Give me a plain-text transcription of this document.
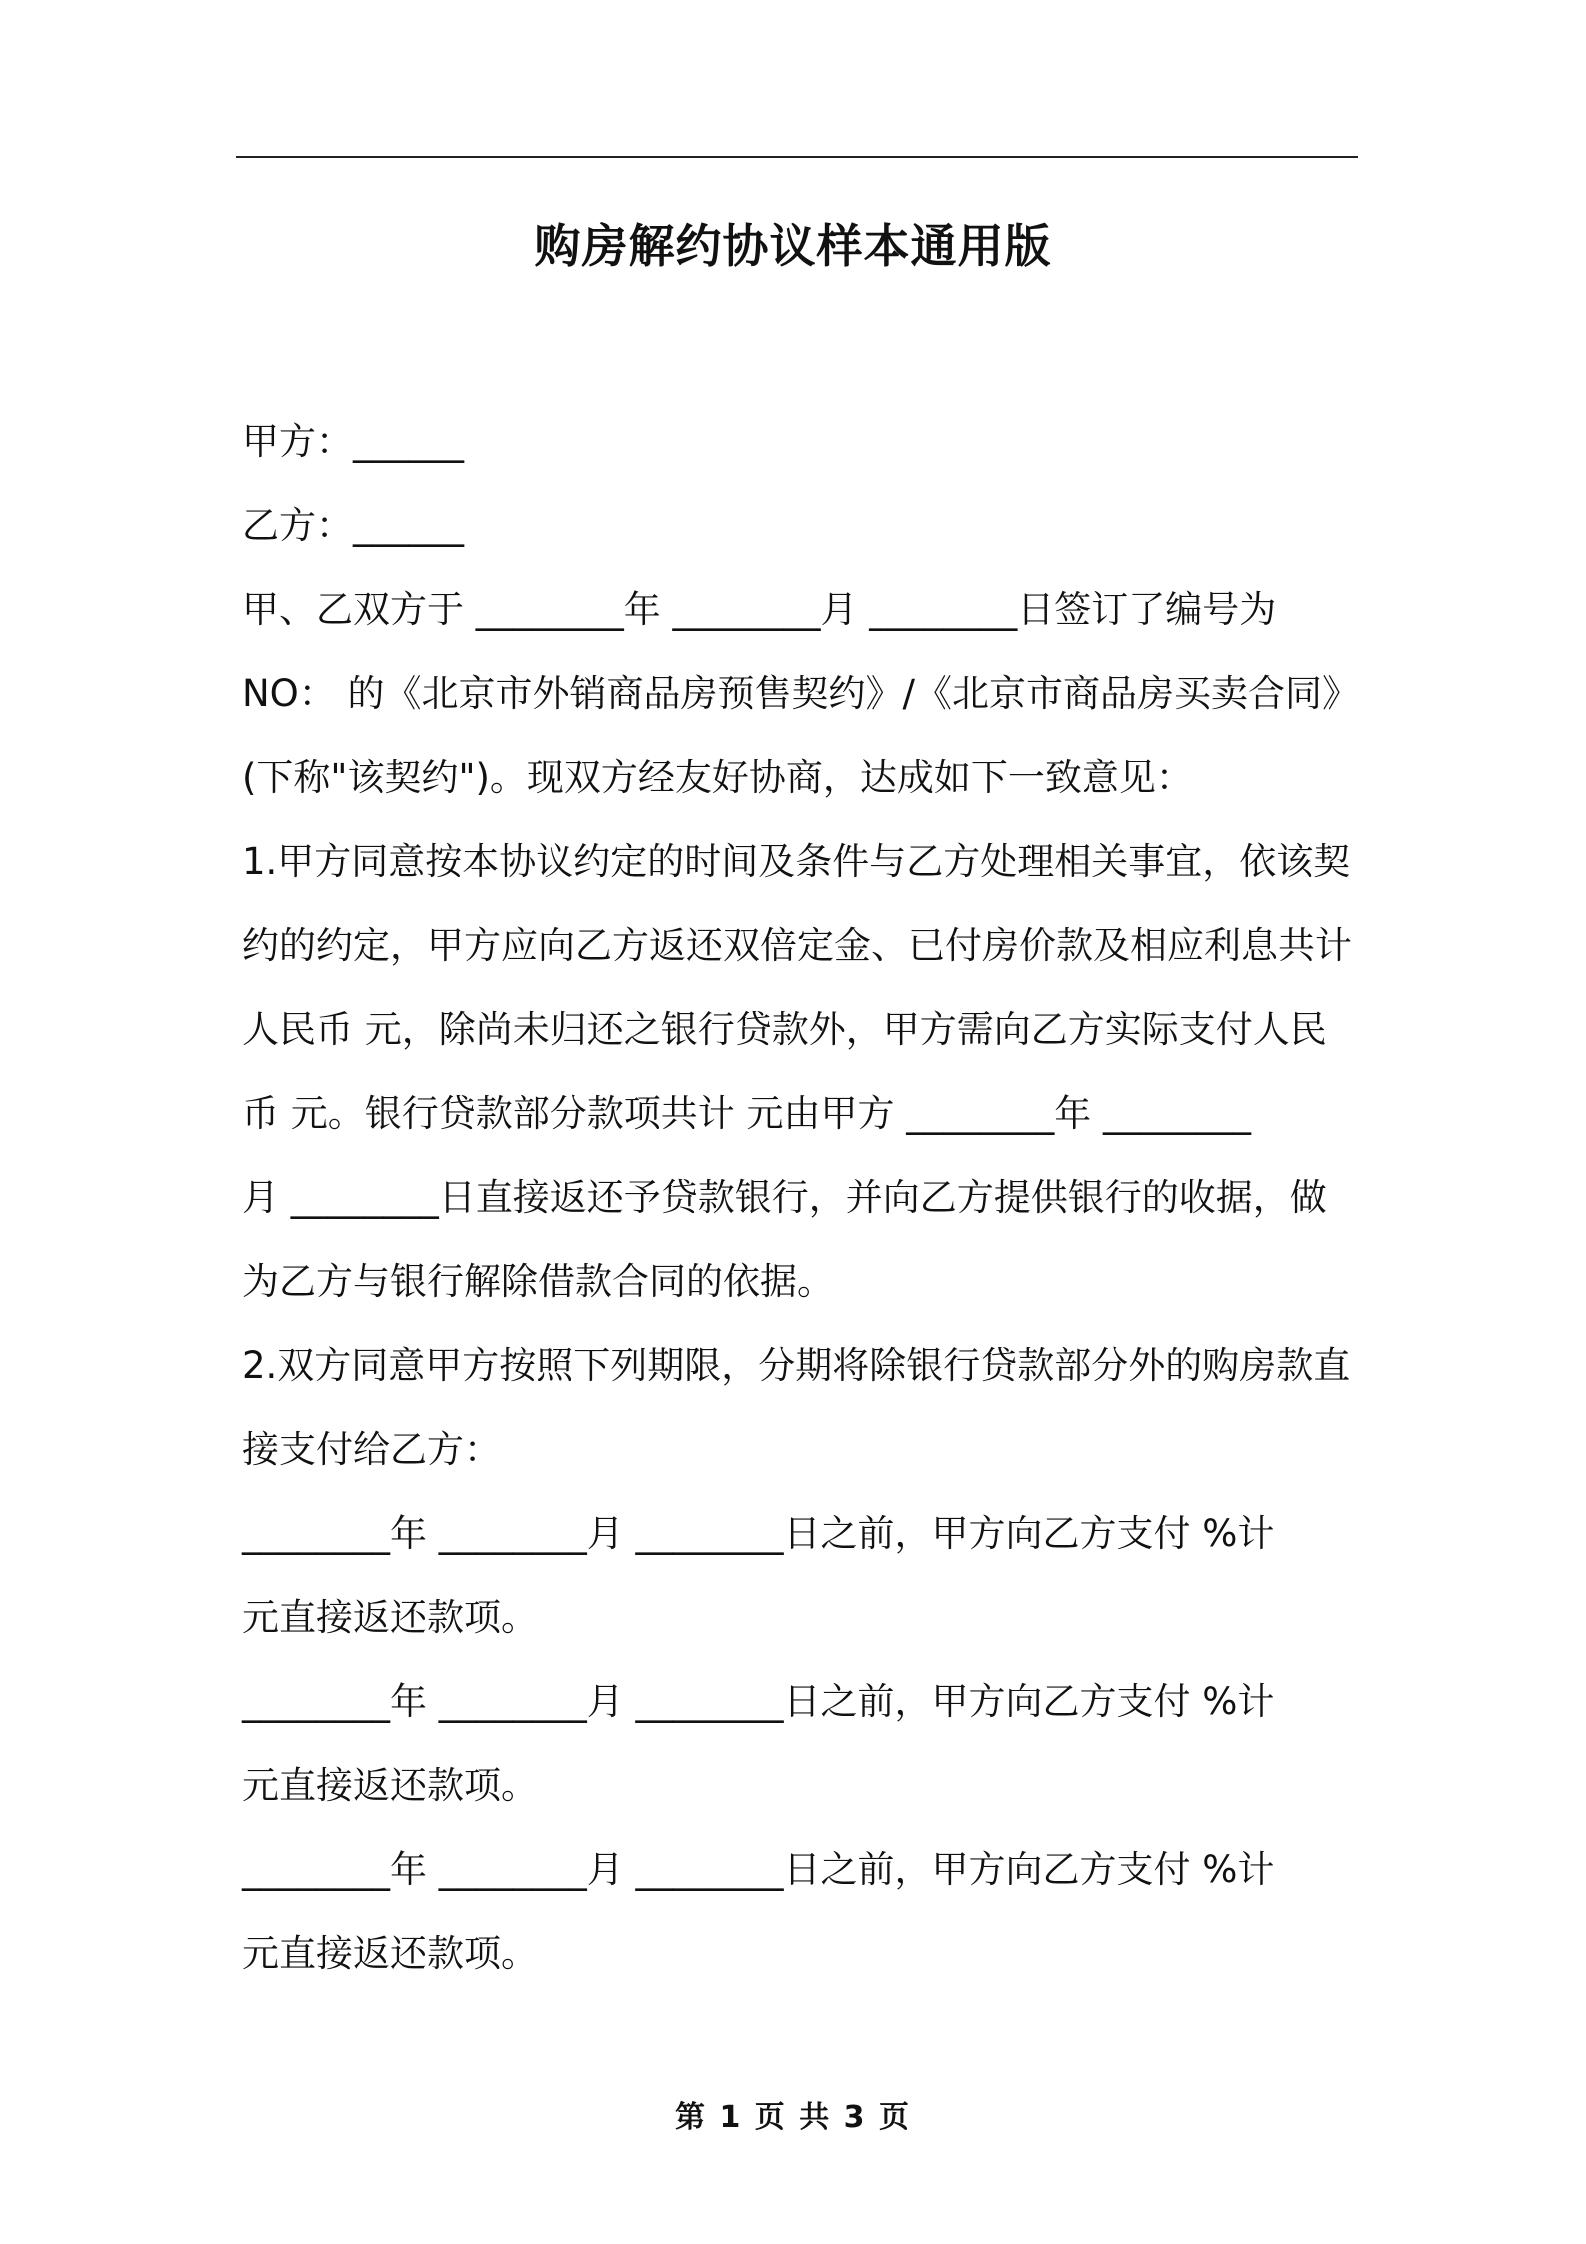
购房解约协议样本通用版
甲方：______
乙方：______
甲、乙双方于 ________年 ________月 ________日签订了编号为
NO： 的《北京市外销商品房预售契约》/《北京市商品房买卖合同》
(下称"该契约")。现双方经友好协商，达成如下一致意见：
1.甲方同意按本协议约定的时间及条件与乙方处理相关事宜，依该契
约的约定，甲方应向乙方返还双倍定金、已付房价款及相应利息共计
人民币 元，除尚未归还之银行贷款外，甲方需向乙方实际支付人民
币 元。银行贷款部分款项共计 元由甲方 ________年 ________
月 ________日直接返还予贷款银行，并向乙方提供银行的收据，做
为乙方与银行解除借款合同的依据。
2.双方同意甲方按照下列期限，分期将除银行贷款部分外的购房款直
接支付给乙方：
________年 ________月 ________日之前，甲方向乙方支付 %计
元直接返还款项。
________年 ________月 ________日之前，甲方向乙方支付 %计
元直接返还款项。
________年 ________月 ________日之前，甲方向乙方支付 %计
元直接返还款项。
第 1 页 共 3 页
